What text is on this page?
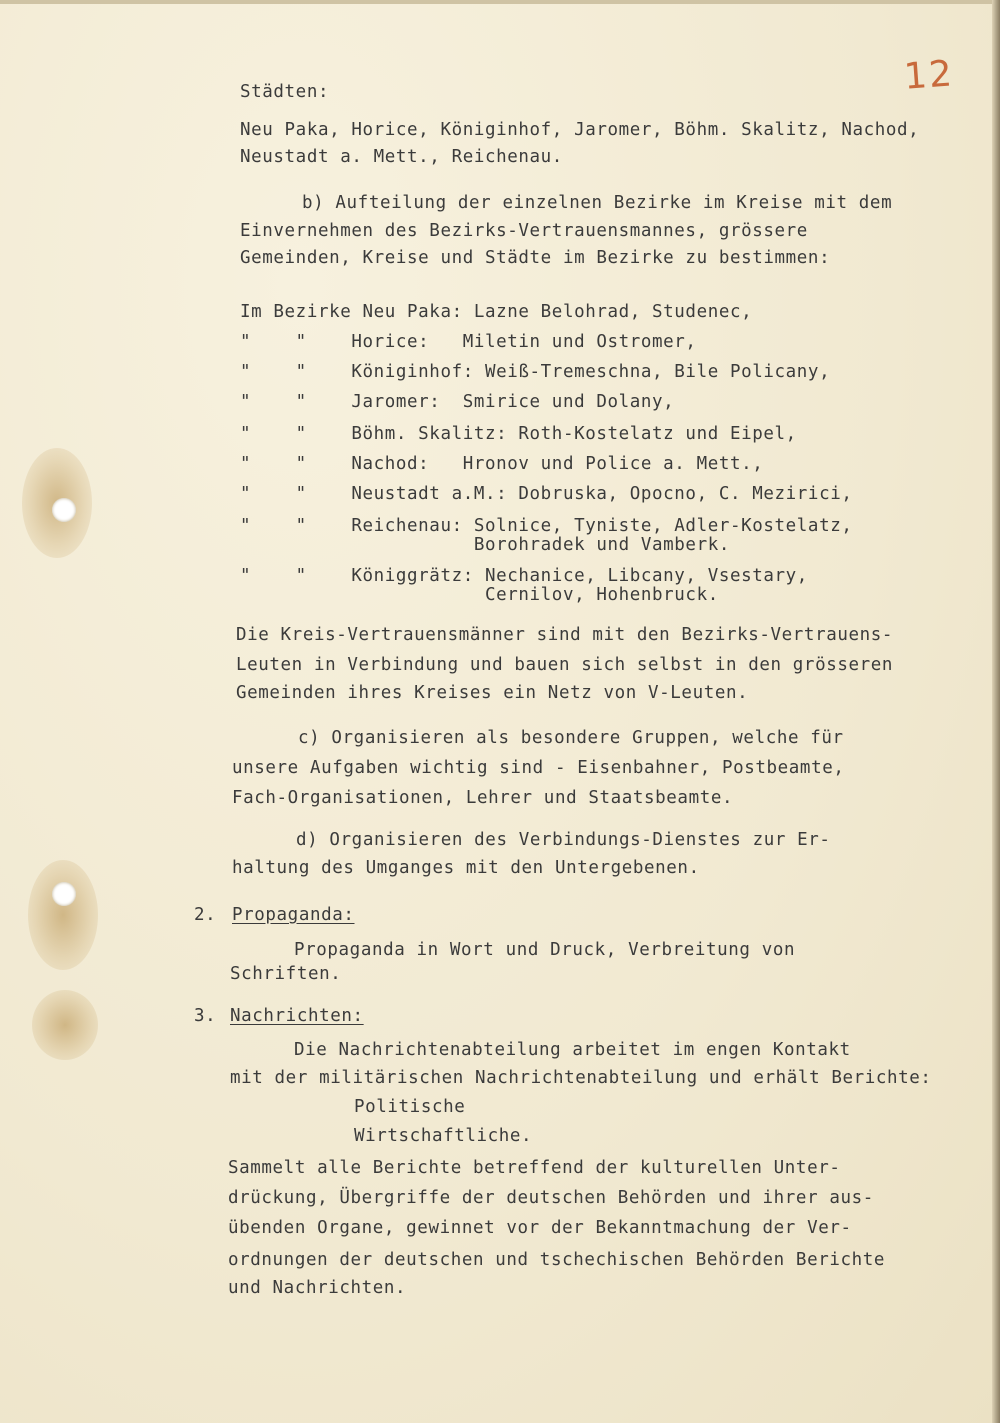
12
Städten:
Neu Paka, Horice, Königinhof, Jaromer, Böhm. Skalitz, Nachod,
Neustadt a. Mett., Reichenau.
b) Aufteilung der einzelnen Bezirke im Kreise mit dem
Einvernehmen des Bezirks-Vertrauensmannes, grössere
Gemeinden, Kreise und Städte im Bezirke zu bestimmen:
Im Bezirke Neu Paka: Lazne Belohrad, Studenec,
"    "    Horice:   Miletin und Ostromer,
"    "    Königinhof: Weiß-Tremeschna, Bile Policany,
"    "    Jaromer:  Smirice und Dolany,
"    "    Böhm. Skalitz: Roth-Kostelatz und Eipel,
"    "    Nachod:   Hronov und Police a. Mett.,
"    "    Neustadt a.M.: Dobruska, Opocno, C. Mezirici,
"    "    Reichenau: Solnice, Tyniste, Adler-Kostelatz,
Borohradek und Vamberk.
"    "    Königgrätz: Nechanice, Libcany, Vsestary,
Cernilov, Hohenbruck.
Die Kreis-Vertrauensmänner sind mit den Bezirks-Vertrauens-
Leuten in Verbindung und bauen sich selbst in den grösseren
Gemeinden ihres Kreises ein Netz von V-Leuten.
c) Organisieren als besondere Gruppen, welche für
unsere Aufgaben wichtig sind - Eisenbahner, Postbeamte,
Fach-Organisationen, Lehrer und Staatsbeamte.
d) Organisieren des Verbindungs-Dienstes zur Er-
haltung des Umganges mit den Untergebenen.
2. Propaganda:
Propaganda in Wort und Druck, Verbreitung von
Schriften.
3. Nachrichten:
Die Nachrichtenabteilung arbeitet im engen Kontakt
mit der militärischen Nachrichtenabteilung und erhält Berichte:
Politische
Wirtschaftliche.
Sammelt alle Berichte betreffend der kulturellen Unter-
drückung, Übergriffe der deutschen Behörden und ihrer aus-
übenden Organe, gewinnet vor der Bekanntmachung der Ver-
ordnungen der deutschen und tschechischen Behörden Berichte
und Nachrichten.
